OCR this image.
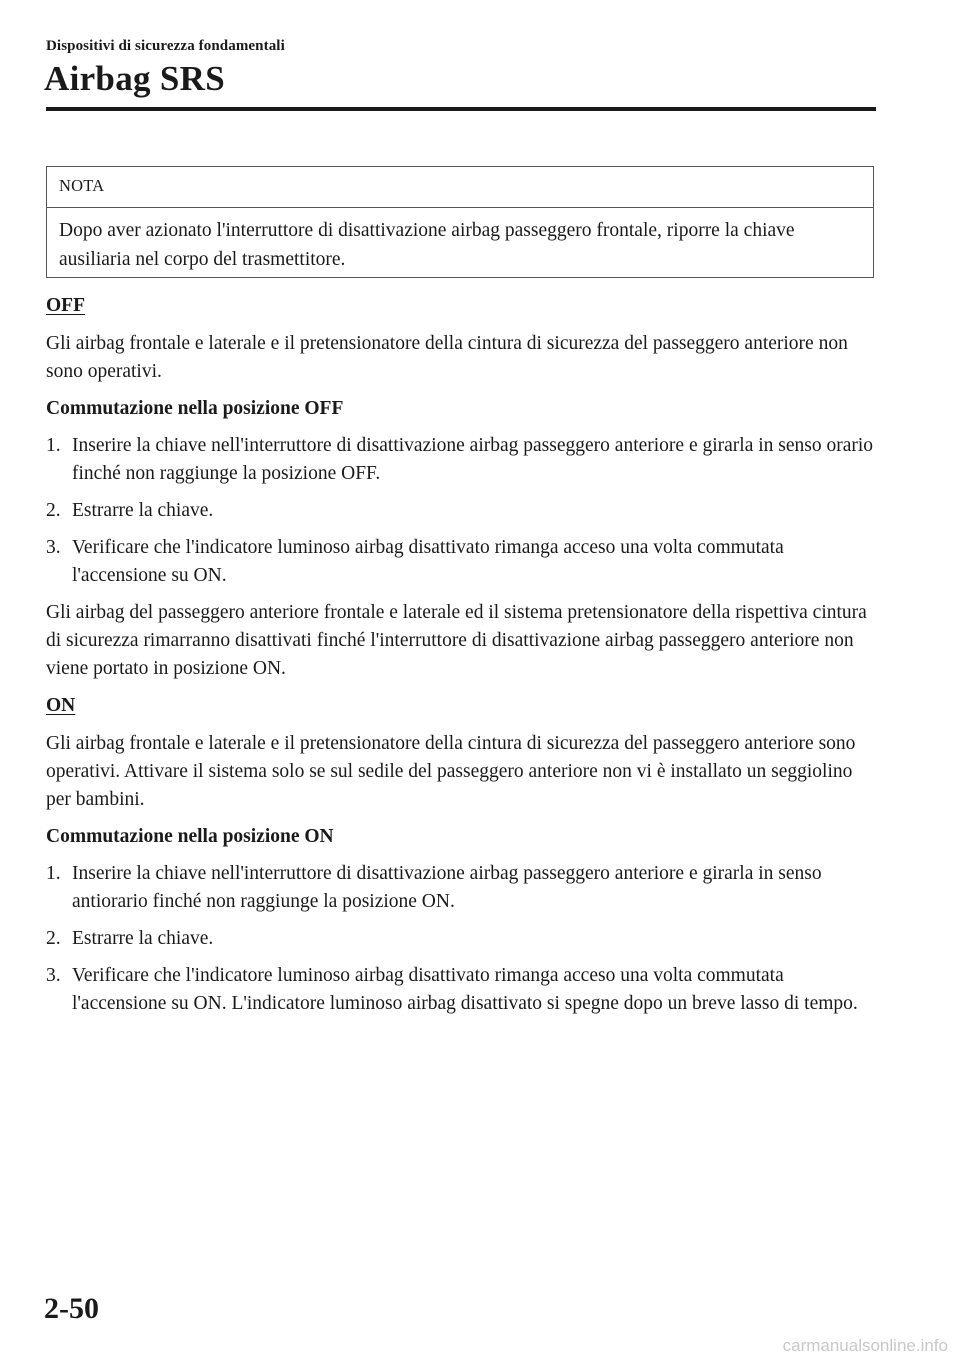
Dispositivi di sicurezza fondamentali
Airbag SRS
NOTA
Dopo aver azionato l'interruttore di disattivazione airbag passeggero frontale, riporre la chiave ausiliaria nel corpo del trasmettitore.

OFF

Gli airbag frontale e laterale e il pretensionatore della cintura di sicurezza del passeggero anteriore non sono operativi.

Commutazione nella posizione OFF

1. Inserire la chiave nell'interruttore di disattivazione airbag passeggero anteriore e girarla in senso orario finché non raggiunge la posizione OFF.
2. Estrarre la chiave.
3. Verificare che l'indicatore luminoso airbag disattivato rimanga acceso una volta commutata l'accensione su ON.

Gli airbag del passeggero anteriore frontale e laterale ed il sistema pretensionatore della rispettiva cintura di sicurezza rimarranno disattivati finché l'interruttore di disattivazione airbag passeggero anteriore non viene portato in posizione ON.

ON

Gli airbag frontale e laterale e il pretensionatore della cintura di sicurezza del passeggero anteriore sono operativi. Attivare il sistema solo se sul sedile del passeggero anteriore non vi è installato un seggiolino per bambini.

Commutazione nella posizione ON

1. Inserire la chiave nell'interruttore di disattivazione airbag passeggero anteriore e girarla in senso antiorario finché non raggiunge la posizione ON.
2. Estrarre la chiave.
3. Verificare che l'indicatore luminoso airbag disattivato rimanga acceso una volta commutata l'accensione su ON. L'indicatore luminoso airbag disattivato si spegne dopo un breve lasso di tempo.
2-50
carmanualsonline.info
